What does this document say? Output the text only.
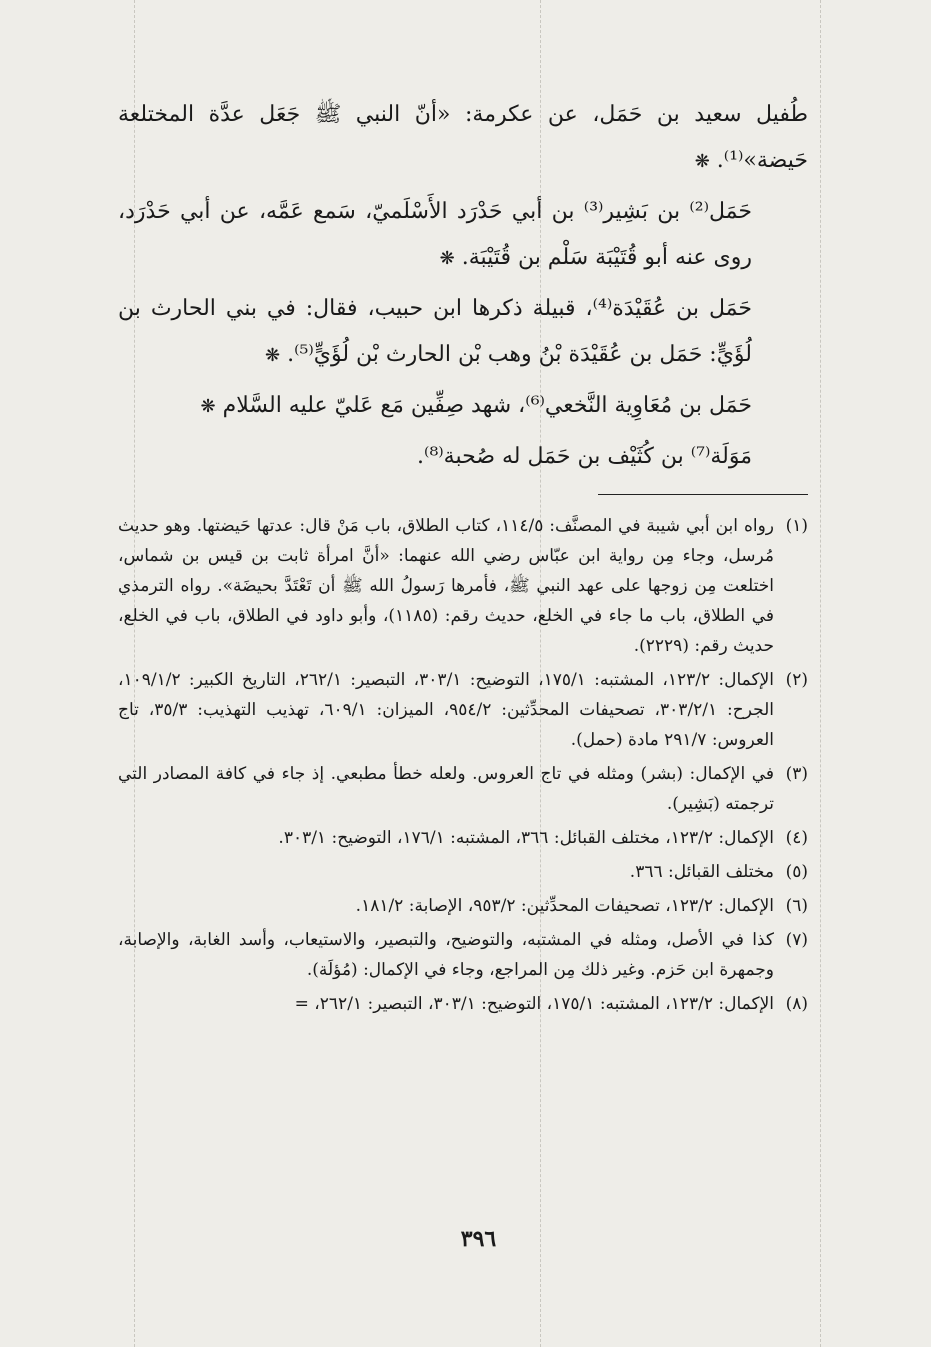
طُفيل سعيد بن حَمَل، عن عكرمة: «أنّ النبي ﷺ جَعَل عدَّة المختلعة حَيضة»⁽¹⁾. ❋

حَمَل⁽²⁾ بن بَشِير⁽³⁾ بن أبي حَدْرَد الأَسْلَميّ، سَمع عَمَّه، عن أبي حَدْرَد، روى عنه أبو قُتَيْبَة سَلْم بن قُتَيْبَة. ❋

حَمَل بن عُقَيْدَة⁽⁴⁾، قبيلة ذكرها ابن حبيب، فقال: في بني الحارث بن لُؤَيٍّ: حَمَل بن عُقَيْدَة بْنُ وهب بْن الحارث بْن لُؤَيٍّ⁽⁵⁾. ❋

حَمَل بن مُعَاوِية النَّخعي⁽⁶⁾، شهد صِفِّين مَع عَليّ عليه السَّلام ❋

مَوَلَة⁽⁷⁾ بن كُثَيْف بن حَمَل له صُحبة⁽⁸⁾.

(١)
رواه ابن أبي شيبة في المصنَّف: ١١٤/٥، كتاب الطلاق، باب مَنْ قال: عدتها حَيضتها. وهو حديث مُرسل، وجاء مِن رواية ابن عبّاس رضي الله عنهما: «أنَّ امرأة ثابت بن قيس بن شماس، اختلعت مِن زوجها على عهد النبي ﷺ، فأمرها رَسولُ الله ﷺ أن تَعْتَدَّ بحيضَة». رواه الترمذي في الطلاق، باب ما جاء في الخلع، حديث رقم: (١١٨٥)، وأبو داود في الطلاق، باب في الخلع، حديث رقم: (٢٢٢٩).
(٢)
الإكمال: ١٢٣/٢، المشتبه: ١٧٥/١، التوضيح: ٣٠٣/١، التبصير: ٢٦٢/١، التاريخ الكبير: ١٠٩/١/٢، الجرح: ٣٠٣/٢/١، تصحيفات المحدِّثين: ٩٥٤/٢، الميزان: ٦٠٩/١، تهذيب التهذيب: ٣٥/٣، تاج العروس: ٢٩١/٧ مادة (حمل).
(٣)
في الإكمال: (بشر) ومثله في تاج العروس. ولعله خطأ مطبعي. إذ جاء في كافة المصادر التي ترجمته (بَشِير).
(٤)
الإكمال: ١٢٣/٢، مختلف القبائل: ٣٦٦، المشتبه: ١٧٦/١، التوضيح: ٣٠٣/١.
(٥)
مختلف القبائل: ٣٦٦.
(٦)
الإكمال: ١٢٣/٢، تصحيفات المحدِّثين: ٩٥٣/٢، الإصابة: ١٨١/٢.
(٧)
كذا في الأصل، ومثله في المشتبه، والتوضيح، والتبصير، والاستيعاب، وأسد الغابة، والإصابة، وجمهرة ابن حَزم. وغير ذلك مِن المراجع، وجاء في الإكمال: (مُؤلَة).
(٨)
الإكمال: ١٢٣/٢، المشتبه: ١٧٥/١، التوضيح: ٣٠٣/١، التبصير: ٢٦٢/١، =
٣٩٦
